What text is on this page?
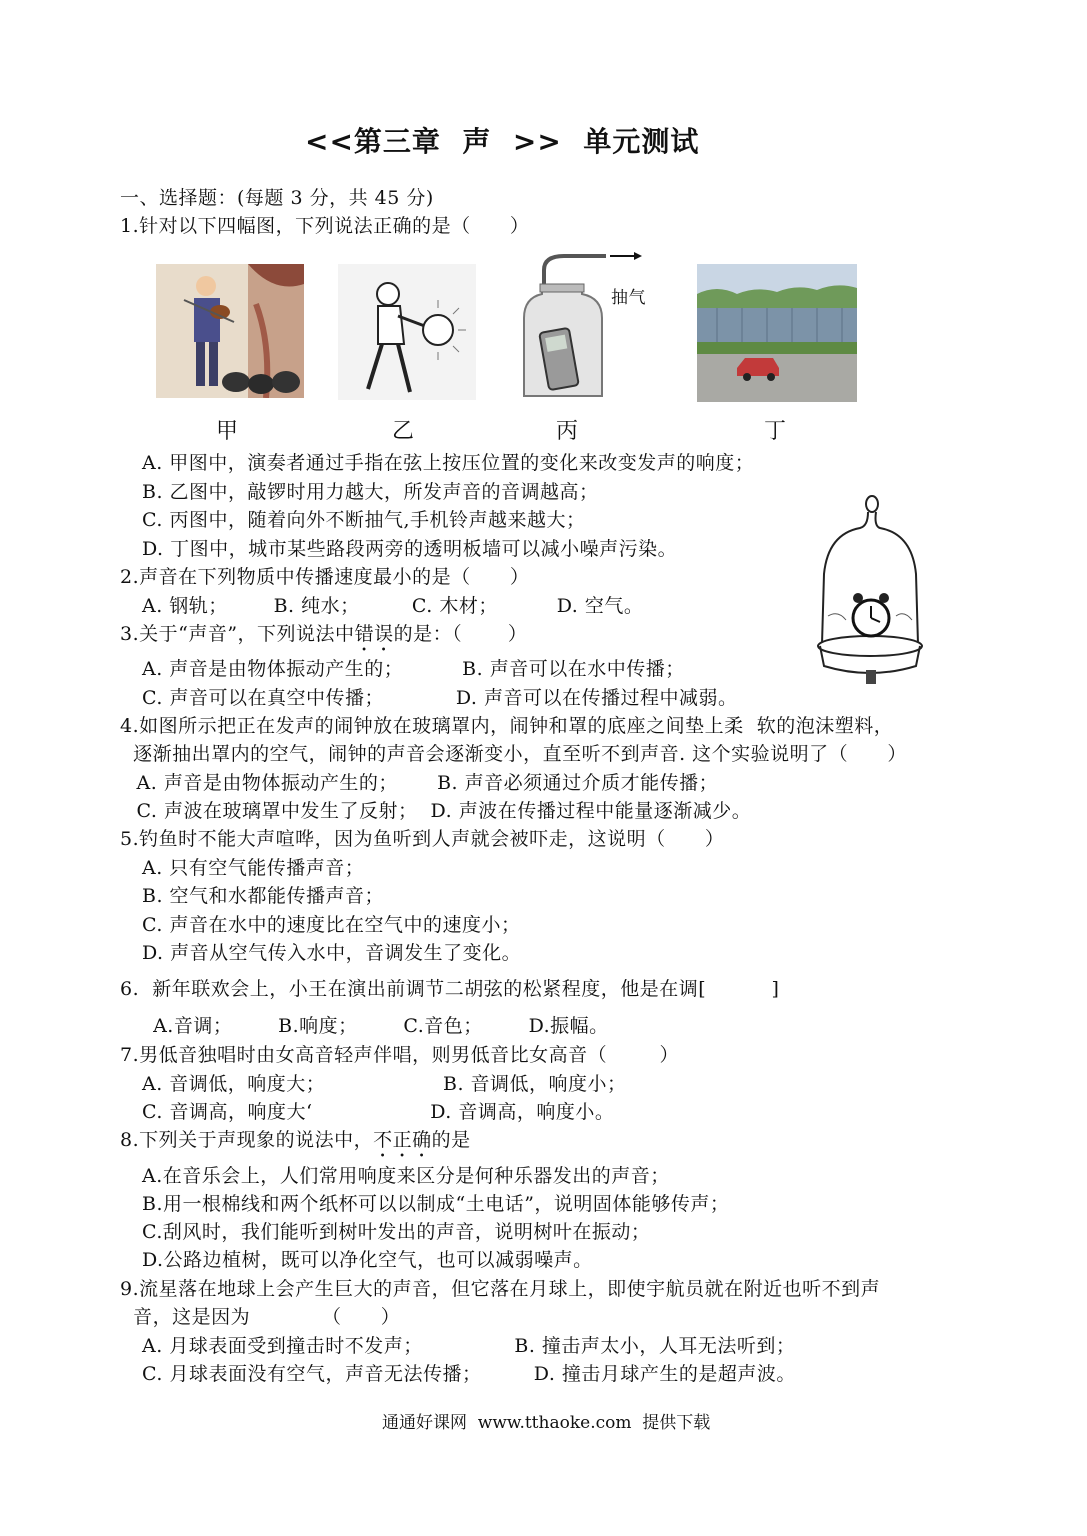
<<第三章  声  >>  单元测试
一、选择题：(每题 3 分，共 45 分)
1.针对以下四幅图，下列说法正确的是（      ）
甲	乙
抽气
丙	丁
A. 甲图中，演奏者通过手指在弦上按压位置的变化来改变发声的响度；
B. 乙图中，敲锣时用力越大，所发声音的音调越高；
C. 丙图中，随着向外不断抽气,手机铃声越来越大；
D. 丁图中，城市某些路段两旁的透明板墙可以减小噪声污染。
2.声音在下列物质中传播速度最小的是（      ）
A. 钢轨；       B. 纯水；        C. 木材；         D. 空气。
3.关于“声音”，下列说法中错误的是：（       ）
A. 声音是由物体振动产生的；         B. 声音可以在水中传播；
C. 声音可以在真空中传播；           D. 声音可以在传播过程中减弱。
4.如图所示把正在发声的闹钟放在玻璃罩内，闹钟和罩的底座之间垫上柔  软的泡沫塑料，
逐渐抽出罩内的空气，闹钟的声音会逐渐变小，直至听不到声音. 这个实验说明了（      ）
A. 声音是由物体振动产生的；      B. 声音必须通过介质才能传播；
C. 声波在玻璃罩中发生了反射；  D. 声波在传播过程中能量逐渐减少。
5.钓鱼时不能大声喧哗，因为鱼听到人声就会被吓走，这说明（      ）
A. 只有空气能传播声音；
B. 空气和水都能传播声音；
C. 声音在水中的速度比在空气中的速度小；
D. 声音从空气传入水中，音调发生了变化。
6.  新年联欢会上，小王在演出前调节二胡弦的松紧程度，他是在调[          ]
A.音调；       B.响度；       C.音色；       D.振幅。
7.男低音独唱时由女高音轻声伴唱，则男低音比女高音（        ）
A. 音调低，响度大；                  B. 音调低，响度小；
C. 音调高，响度大‘                  D. 音调高，响度小。
8.下列关于声现象的说法中，不正确的是
A.在音乐会上，人们常用响度来区分是何种乐器发出的声音；
B.用一根棉线和两个纸杯可以以制成“土电话”，说明固体能够传声；
C.刮风时，我们能听到树叶发出的声音，说明树叶在振动；
D.公路边植树，既可以净化空气，也可以减弱噪声。
9.流星落在地球上会产生巨大的声音，但它落在月球上，即使宇航员就在附近也听不到声
音，这是因为           （      ）
A. 月球表面受到撞击时不发声；              B. 撞击声太小，人耳无法听到；
C. 月球表面没有空气，声音无法传播；        D. 撞击月球产生的是超声波。
通通好课网  www.tthaoke.com  提供下载
